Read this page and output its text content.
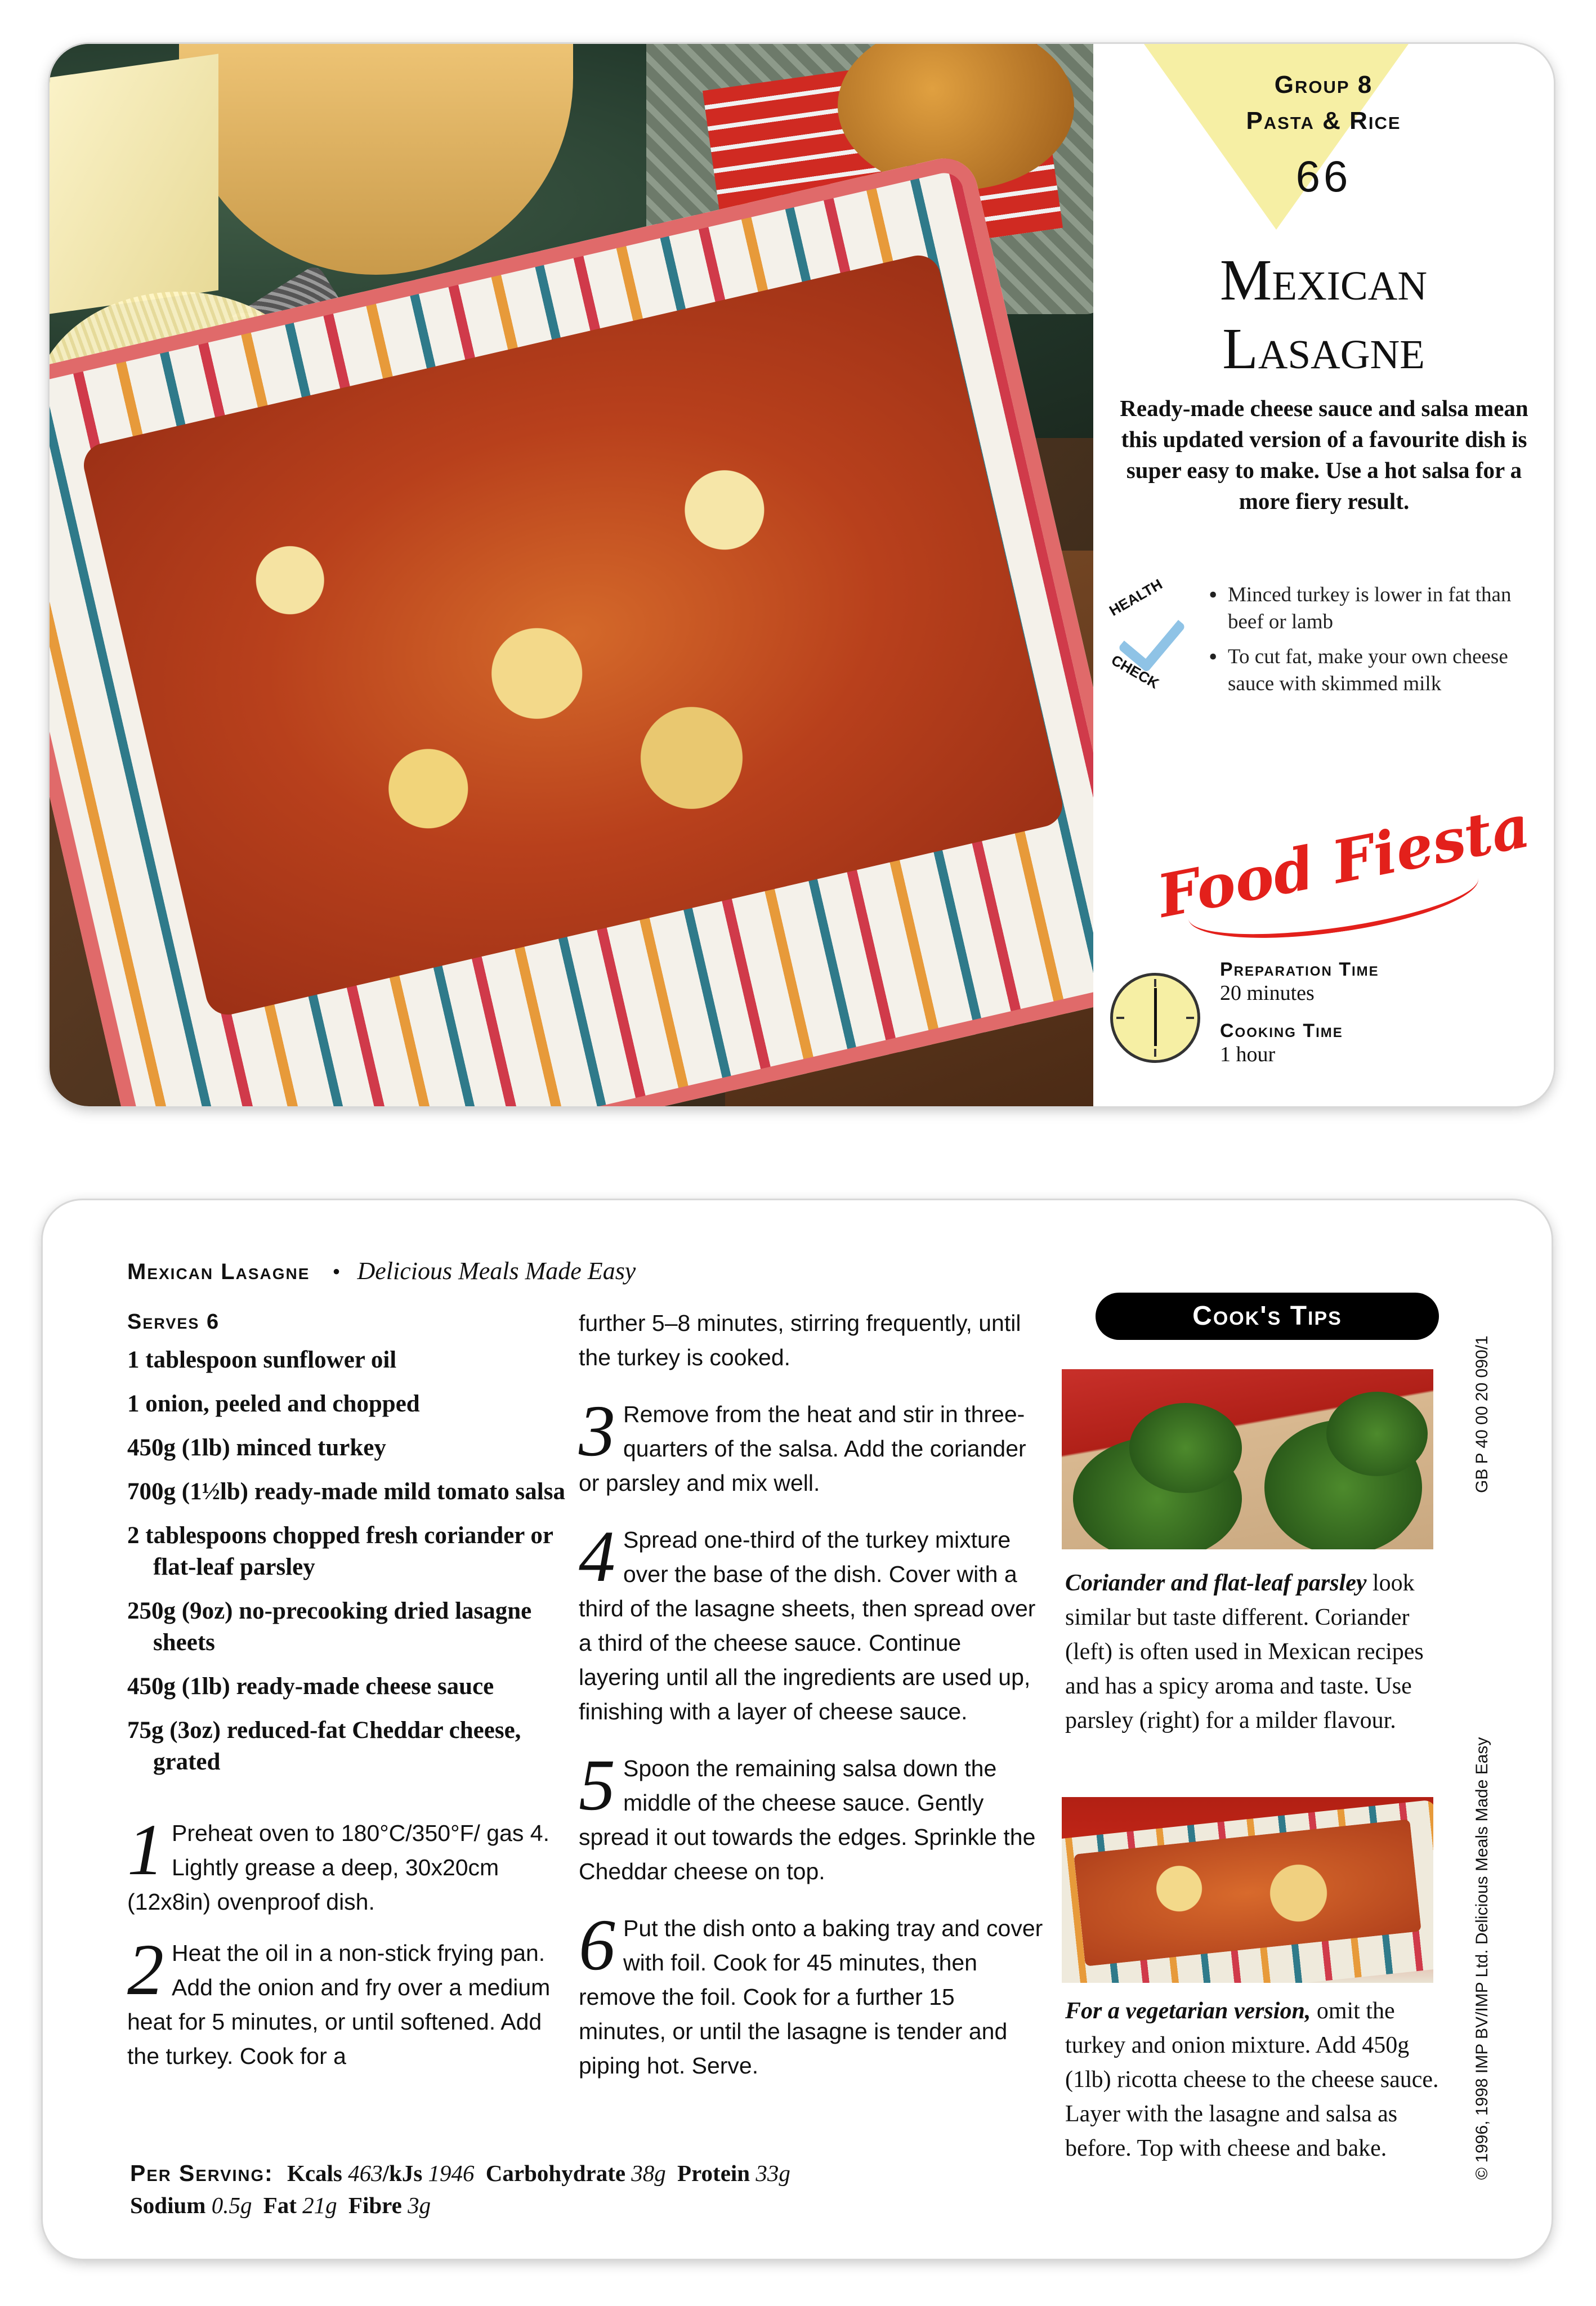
Group 8
Pasta & Rice
66
Mexican
Lasagne
Ready-made cheese sauce and salsa mean this updated version of a favourite dish is super easy to make. Use a hot salsa for a more fiery result.
HEALTH
CHECK
• Minced turkey is lower in fat than beef or lamb
• To cut fat, make your own cheese sauce with skimmed milk
Food Fiesta
Preparation Time
20 minutes
Cooking Time
1 hour
Mexican Lasagne • Delicious Meals Made Easy
Serves 6
1 tablespoon sunflower oil
1 onion, peeled and chopped
450g (1lb) minced turkey
700g (1½lb) ready-made mild tomato salsa
2 tablespoons chopped fresh coriander or flat-leaf parsley
250g (9oz) no-precooking dried lasagne sheets
450g (1lb) ready-made cheese sauce
75g (3oz) reduced-fat Cheddar cheese, grated
1 Preheat oven to 180°C/350°F/ gas 4. Lightly grease a deep, 30x20cm (12x8in) ovenproof dish.
2 Heat the oil in a non-stick frying pan. Add the onion and fry over a medium heat for 5 minutes, or until softened. Add the turkey. Cook for a
further 5–8 minutes, stirring frequently, until the turkey is cooked.
3 Remove from the heat and stir in three-quarters of the salsa. Add the coriander or parsley and mix well.
4 Spread one-third of the turkey mixture over the base of the dish. Cover with a third of the lasagne sheets, then spread over a third of the cheese sauce. Continue layering until all the ingredients are used up, finishing with a layer of cheese sauce.
5 Spoon the remaining salsa down the middle of the cheese sauce. Gently spread it out towards the edges. Sprinkle the Cheddar cheese on top.
6 Put the dish onto a baking tray and cover with foil. Cook for 45 minutes, then remove the foil. Cook for a further 15 minutes, or until the lasagne is tender and piping hot. Serve.
Cook's Tips
Coriander and flat-leaf parsley look similar but taste different. Coriander (left) is often used in Mexican recipes and has a spicy aroma and taste. Use parsley (right) for a milder flavour.
For a vegetarian version, omit the turkey and onion mixture. Add 450g (1lb) ricotta cheese to the cheese sauce. Layer with the lasagne and salsa as before. Top with cheese and bake.
GB P 40 00 20 090/1
© 1996, 1998 IMP BV/IMP Ltd. Delicious Meals Made Easy
Per Serving: Kcals 463/kJs 1946 Carbohydrate 38g Protein 33g
Sodium 0.5g Fat 21g Fibre 3g
